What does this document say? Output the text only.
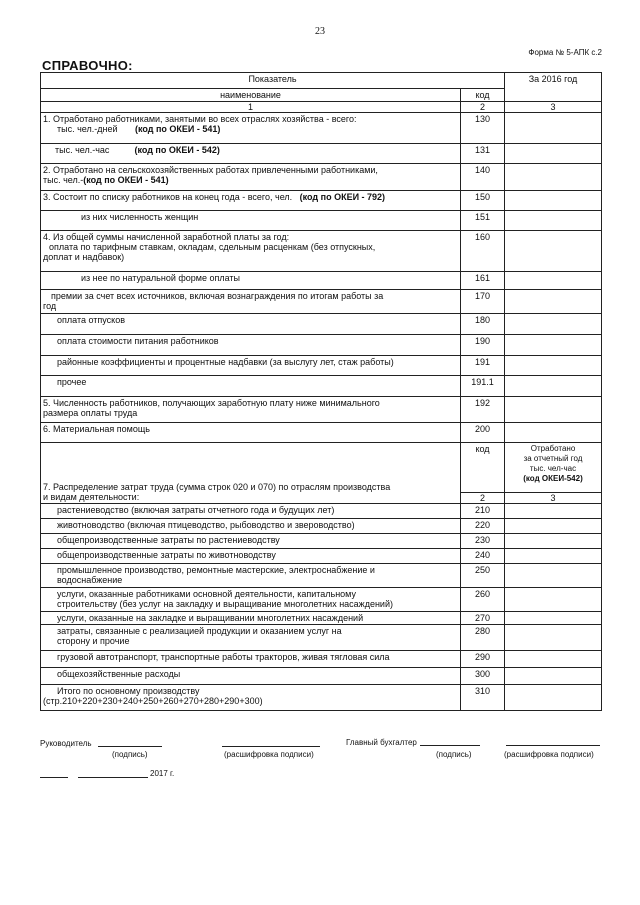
23
Форма № 5-АПК с.2
СПРАВОЧНО:
Показатель		За 2016 год
наименование	код	
1	2	3
1. Отработано работниками, занятыми во всех отраслях хозяйства - всего:
тыс. чел.-дней (код по ОКЕИ - 541)	130	
тыс. чел.-час (код по ОКЕИ - 542)	131	
2. Отработано на сельскохозяйственных работах привлеченными работниками,
тыс. чел.-(код по ОКЕИ - 541)	140	
3. Состоит по списку работников на конец года - всего, чел. (код по ОКЕИ - 792)	150	
из них численность женщин	151	
4. Из общей суммы начисленной заработной платы за год:
оплата по тарифным ставкам, окладам, сдельным расценкам (без отпускных,
доплат и надбавок)	160	
из нее по натуральной форме оплаты	161	
премии за счет всех источников, включая вознаграждения по итогам работы за
год	170	
оплата отпусков	180	
оплата стоимости питания работников	190	
районные коэффициенты и процентные надбавки (за выслугу лет, стаж работы)	191	
прочее	191.1	
5. Численность работников, получающих заработную плату ниже минимального
размера оплаты труда	192	
6. Материальная помощь	200	
7. Распределение затрат труда (сумма строк 020 и 070) по отраслям производства
и видам деятельности:	код	Отработано
за отчетный год
тыс. чел-час
(код ОКЕИ-542)
	2	3
растениеводство (включая затраты отчетного года и будущих лет)	210	
животноводство (включая птицеводство, рыбоводство и звероводство)	220	
общепроизводственные затраты по растениеводству	230	
общепроизводственные затраты по животноводству	240	
промышленное производство, ремонтные мастерские, электроснабжение и
водоснабжение	250	
услуги, оказанные работниками основной деятельности, капитальному
строительству (без услуг на закладку и выращивание многолетних насаждений)	260	
услуги, оказанные на закладке и выращивании многолетних насаждений	270	
затраты, связанные с реализацией продукции и оказанием услуг на
сторону и прочие	280	
грузовой автотранспорт, транспортные работы тракторов, живая тягловая сила	290	
общехозяйственные расходы	300	
Итого по основному производству
(стр.210+220+230+240+250+260+270+280+290+300)	310	
Руководитель
(подпись)	(расшифровка подписи)
Главный бухгалтер
(подпись)	(расшифровка подписи)
2017 г.
